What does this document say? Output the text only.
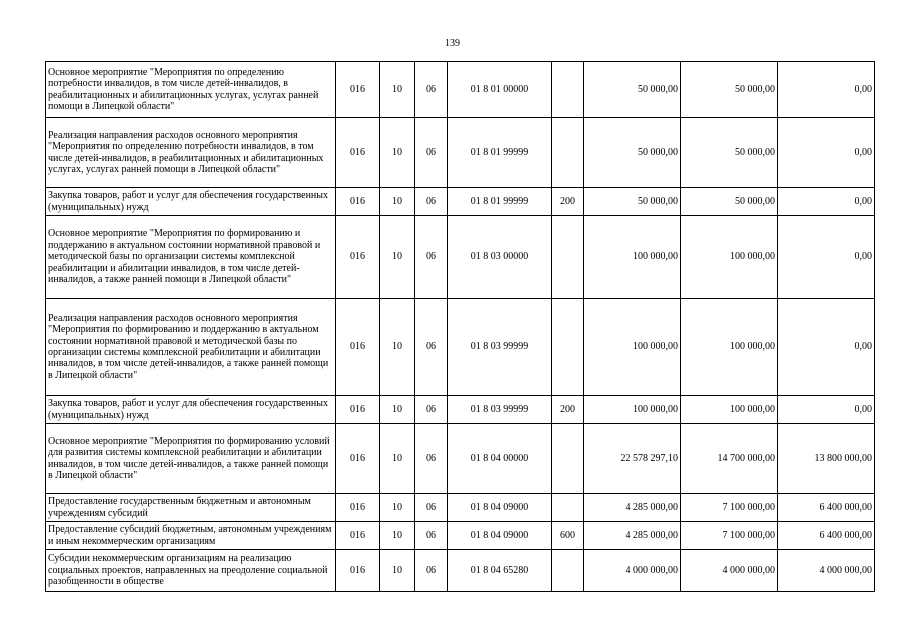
139
Основное мероприятие "Мероприятия по определению потребности инвалидов, в том числе детей-инвалидов, в реабилитационных и абилитационных услугах, услугах ранней помощи в Липецкой области"	016	10	06	01 8 01 00000		50 000,00	50 000,00	0,00
Реализация направления расходов основного мероприятия "Мероприятия по определению потребности инвалидов, в том числе детей-инвалидов, в реабилитационных и абилитационных услугах, услугах ранней помощи в Липецкой области"	016	10	06	01 8 01 99999		50 000,00	50 000,00	0,00
Закупка товаров, работ и услуг для обеспечения государственных (муниципальных) нужд	016	10	06	01 8 01 99999	200	50 000,00	50 000,00	0,00
Основное мероприятие "Мероприятия по формированию и поддержанию в актуальном состоянии нормативной правовой и методической базы по организации системы комплексной реабилитации и абилитации инвалидов, в том числе детей-инвалидов, а также ранней помощи в Липецкой области"	016	10	06	01 8 03 00000		100 000,00	100 000,00	0,00
Реализация направления расходов основного мероприятия "Мероприятия по формированию и поддержанию в актуальном состоянии нормативной правовой и методической базы по организации системы комплексной реабилитации и абилитации инвалидов, в том числе детей-инвалидов, а также ранней помощи в Липецкой области"	016	10	06	01 8 03 99999		100 000,00	100 000,00	0,00
Закупка товаров, работ и услуг для обеспечения государственных (муниципальных) нужд	016	10	06	01 8 03 99999	200	100 000,00	100 000,00	0,00
Основное мероприятие "Мероприятия по формированию условий для развития системы комплексной реабилитации и абилитации инвалидов, в том числе детей-инвалидов, а также ранней помощи в Липецкой области"	016	10	06	01 8 04 00000		22 578 297,10	14 700 000,00	13 800 000,00
Предоставление государственным бюджетным и автономным учреждениям субсидий	016	10	06	01 8 04 09000		4 285 000,00	7 100 000,00	6 400 000,00
Предоставление субсидий бюджетным, автономным учреждениям и иным некоммерческим организациям	016	10	06	01 8 04 09000	600	4 285 000,00	7 100 000,00	6 400 000,00
Субсидии некоммерческим организациям на реализацию социальных проектов, направленных на преодоление социальной разобщенности в обществе	016	10	06	01 8 04 65280		4 000 000,00	4 000 000,00	4 000 000,00
